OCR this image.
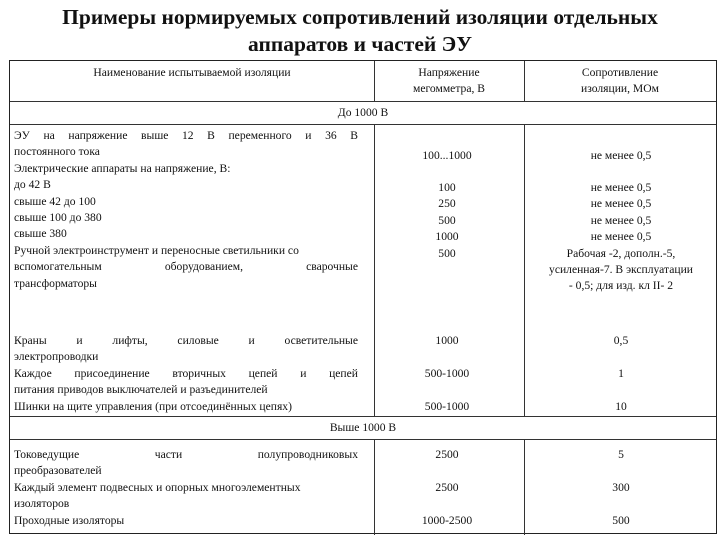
Примеры нормируемых сопротивлений изоляции отдельных
аппаратов и частей ЭУ
Наименование испытываемой изоляции	Напряжение
мегомметра, В
Сопротивление
изоляции, МОм
До 1000 В
ЭУ на напряжение выше 12 В переменного и 36 В
постоянного тока
Электрические аппараты на напряжение, В:
до 42 В
свыше 42 до 100
свыше 100 до 380
свыше 380
Ручной электроинструмент и переносные светильники со
вспомогательным оборудованием, сварочные
трансформаторы
100...1000
100
250
500
1000
500
не менее 0,5
не менее 0,5
не менее 0,5
не менее 0,5
не менее 0,5
Рабочая -2, дополн.-5,
усиленная-7. В эксплуатации
- 0,5; для изд. кл II- 2
Краны и лифты, силовые и осветительные
электропроводки
Каждое присоединение вторичных цепей и цепей
питания приводов выключателей и разъединителей
Шинки на щите управления (при отсоединённых цепях)
1000
500-1000
500-1000
0,5
1
10
Выше 1000 В
Токоведущие части полупроводниковых
преобразователей
Каждый элемент подвесных и опорных многоэлементных
изоляторов
Проходные изоляторы
2500
2500
1000-2500
5
300
500
